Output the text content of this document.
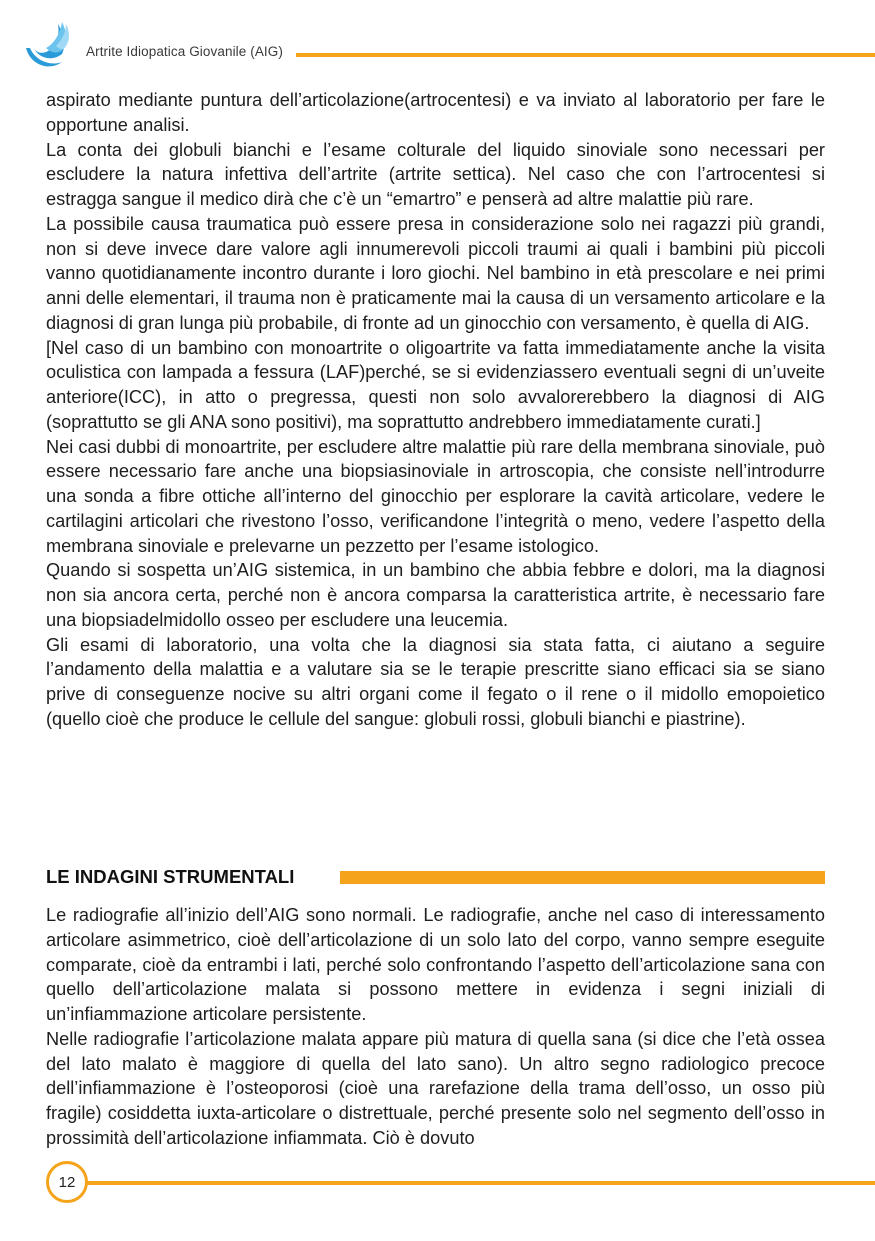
Artrite Idiopatica Giovanile (AIG)

aspirato mediante puntura dell’articolazione(artrocentesi) e va inviato al laboratorio per fare le opportune analisi.

La conta dei globuli bianchi e l’esame colturale del liquido sinoviale sono necessari per escludere la natura infettiva dell’artrite (artrite settica). Nel caso che con l’artrocentesi si estragga sangue il medico dirà che c’è un “emartro” e penserà ad altre malattie più rare.

La possibile causa traumatica può essere presa in considerazione solo nei ragazzi più grandi, non si deve invece dare valore agli innumerevoli piccoli traumi ai quali i bambini più piccoli vanno quotidianamente incontro durante i loro giochi. Nel bambino in età prescolare e nei primi anni delle elementari, il trauma non è praticamente mai la causa di un versamento articolare e la diagnosi di gran lunga più probabile, di fronte ad un ginocchio con versamento, è quella di AIG.

[Nel caso di un bambino con monoartrite o oligoartrite va fatta immediatamente anche la visita oculistica con lampada a fessura (LAF)perché, se si evidenziassero eventuali segni di un’uveite anteriore(ICC), in atto o pregressa, questi non solo avvalorerebbero la diagnosi di AIG (soprattutto se gli ANA sono positivi), ma soprattutto andrebbero immediatamente curati.]

Nei casi dubbi di monoartrite, per escludere altre malattie più rare della membrana sinoviale, può essere necessario fare anche una biopsiasinoviale in artroscopia, che consiste nell’introdurre una sonda a fibre ottiche all’interno del ginocchio per esplorare la cavità articolare, vedere le cartilagini articolari che rivestono l’osso, verificandone l’integrità o meno, vedere l’aspetto della membrana sinoviale e prelevarne un pezzetto per l’esame istologico.

Quando si sospetta un’AIG sistemica, in un bambino che abbia febbre e dolori, ma la diagnosi non sia ancora certa, perché non è ancora comparsa la caratteristica artrite, è necessario fare una biopsiadelmidollo osseo per escludere una leucemia.

Gli esami di laboratorio, una volta che la diagnosi sia stata fatta, ci aiutano a seguire l’andamento della malattia e a valutare sia se le terapie prescritte siano efficaci sia se siano prive di conseguenze nocive su altri organi come il fegato o il rene o il midollo emopoietico (quello cioè che produce le cellule del sangue: globuli rossi, globuli bianchi e piastrine).

LE INDAGINI STRUMENTALI

Le radiografie all’inizio dell’AIG sono normali. Le radiografie, anche nel caso di interessamento articolare asimmetrico, cioè dell’articolazione di un solo lato del corpo, vanno sempre eseguite comparate, cioè da entrambi i lati, perché solo confrontando l’aspetto dell’articolazione sana con quello dell’articolazione malata si possono mettere in evidenza i segni iniziali di un’infiammazione articolare persistente.

Nelle radiografie l’articolazione malata appare più matura di quella sana (si dice che l’età ossea del lato malato è maggiore di quella del lato sano). Un altro segno radiologico precoce dell’infiammazione è l’osteoporosi (cioè una rarefazione della trama dell’osso, un osso più fragile) cosiddetta iuxta-articolare o distrettuale, perché presente solo nel segmento dell’osso in prossimità dell’articolazione infiammata. Ciò è dovuto

12
